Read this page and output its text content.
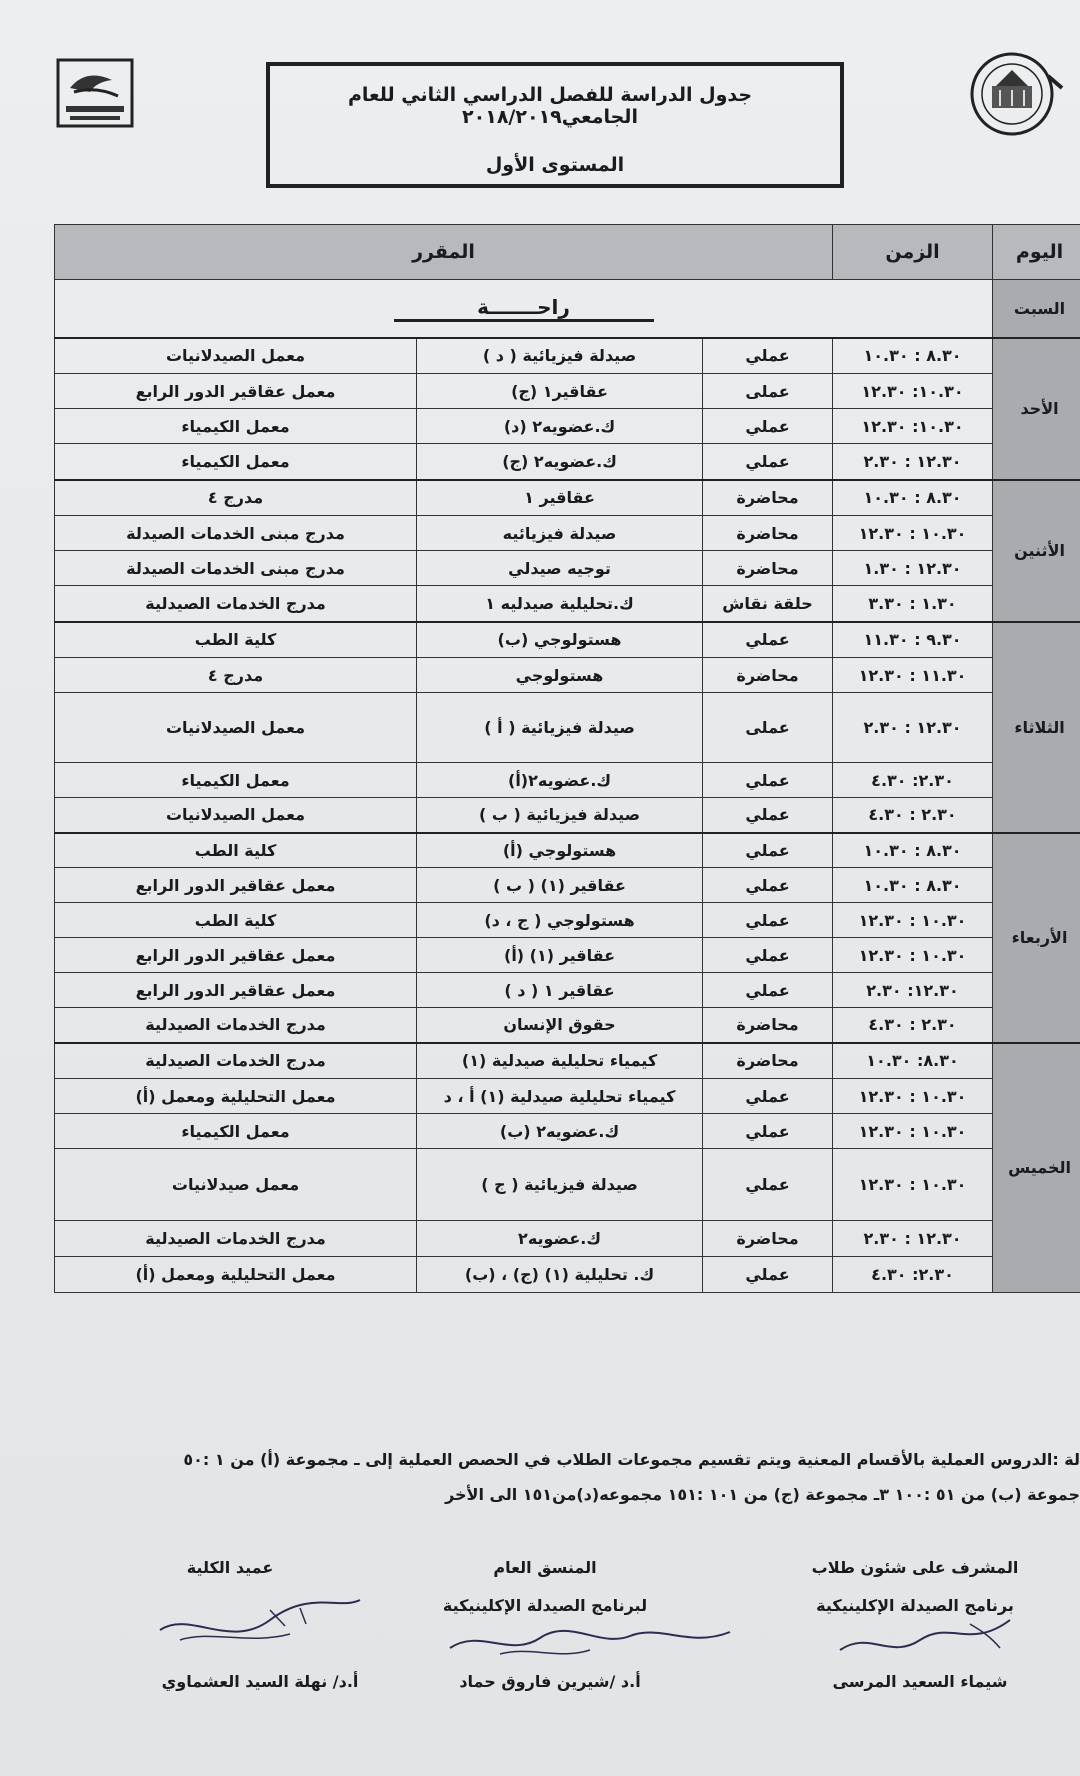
جدول الدراسة للفصل الدراسي الثاني للعام الجامعي٢٠١٨/٢٠١٩
المستوى الأول
اليوم	الزمن	المقرر		
السبت	راحـــــــة			

الأحد	٨.٣٠ : ١٠.٣٠	عملي	صيدلة فيزيائية ( د )	معمل الصيدلانيات
	١٠.٣٠: ١٢.٣٠	عملى	عقاقير١ (ج)	معمل عقاقير الدور الرابع
	١٠.٣٠: ١٢.٣٠	عملي	ك.عضويه٢ (د)	معمل الكيمياء
	١٢.٣٠ : ٢.٣٠	عملي	ك.عضويه٢ (ج)	معمل الكيمياء
الأثنين	٨.٣٠ : ١٠.٣٠	محاضرة	عقاقير ١	مدرج ٤
	١٠.٣٠ : ١٢.٣٠	محاضرة	صيدلة فيزيائيه	مدرج مبنى الخدمات الصيدلة
	١٢.٣٠ : ١.٣٠	محاضرة	توجيه صيدلي	مدرج مبنى الخدمات الصيدلة
	١.٣٠ : ٣.٣٠	حلقة نقاش	ك.تحليلية صيدليه ١	مدرج الخدمات الصيدلية
الثلاثاء	٩.٣٠ : ١١.٣٠	عملي	هستولوجي (ب)	كلية الطب
	١١.٣٠ : ١٢.٣٠	محاضرة	هستولوجي	مدرج ٤
	١٢.٣٠ : ٢.٣٠	عملى	صيدلة فيزيائية ( أ )	معمل الصيدلانيات
	٢.٣٠: ٤.٣٠	عملي	ك.عضويه٢(أ)	معمل الكيمياء
	٢.٣٠ : ٤.٣٠	عملي	صيدلة فيزيائية ( ب )	معمل الصيدلانيات
الأربعاء	٨.٣٠ : ١٠.٣٠	عملي	هستولوجي (أ)	كلية الطب
	٨.٣٠ : ١٠.٣٠	عملي	عقاقير (١) ( ب )	معمل عقاقير الدور الرابع
	١٠.٣٠ : ١٢.٣٠	عملي	هستولوجي ( ج ، د)	كلية الطب
	١٠.٣٠ : ١٢.٣٠	عملي	عقاقير (١) (أ)	معمل عقاقير الدور الرابع
	١٢.٣٠: ٢.٣٠	عملي	عقاقير ١ ( د )	معمل عقاقير الدور الرابع
	٢.٣٠ : ٤.٣٠	محاضرة	حقوق الإنسان	مدرج الخدمات الصيدلية
الخميس	٨.٣٠: ١٠.٣٠	محاضرة	كيمياء تحليلية صيدلية (١)	مدرج الخدمات الصيدلية
	١٠.٣٠ : ١٢.٣٠	عملي	كيمياء تحليلية صيدلية (١) أ ، د	معمل التحليلية ومعمل (أ)
	١٠.٣٠ : ١٢.٣٠	عملي	ك.عضويه٢ (ب)	معمل الكيمياء
	١٠.٣٠ : ١٢.٣٠	عملي	صيدلة فيزيائية ( ج )	معمل صيدلانيات
	١٢.٣٠ : ٢.٣٠	محاضرة	ك.عضويه٢	مدرج الخدمات الصيدلية
	٢.٣٠: ٤.٣٠	عملي	ك. تحليلية (١) (ج) ، (ب)	معمل التحليلية ومعمل (أ)
لة :الدروس العملية بالأقسام المعنية ويتم تقسيم مجموعات الطلاب في الحصص العملية إلى ـ مجموعة (أ) من ١ :٥٠
جموعة (ب) من ٥١ :١٠٠ ٣ـ مجموعة (ج) من ١٠١ :١٥١ مجموعه(د)من١٥١ الى الأخر
المشرف على شئون طلاب
برنامج الصيدلة الإكلينيكية
شيماء السعيد المرسى
المنسق العام
لبرنامج الصيدلة الإكلينيكية
أ.د /شيرين فاروق حماد
عميد الكلية
أ.د/ نهلة السيد العشماوي
